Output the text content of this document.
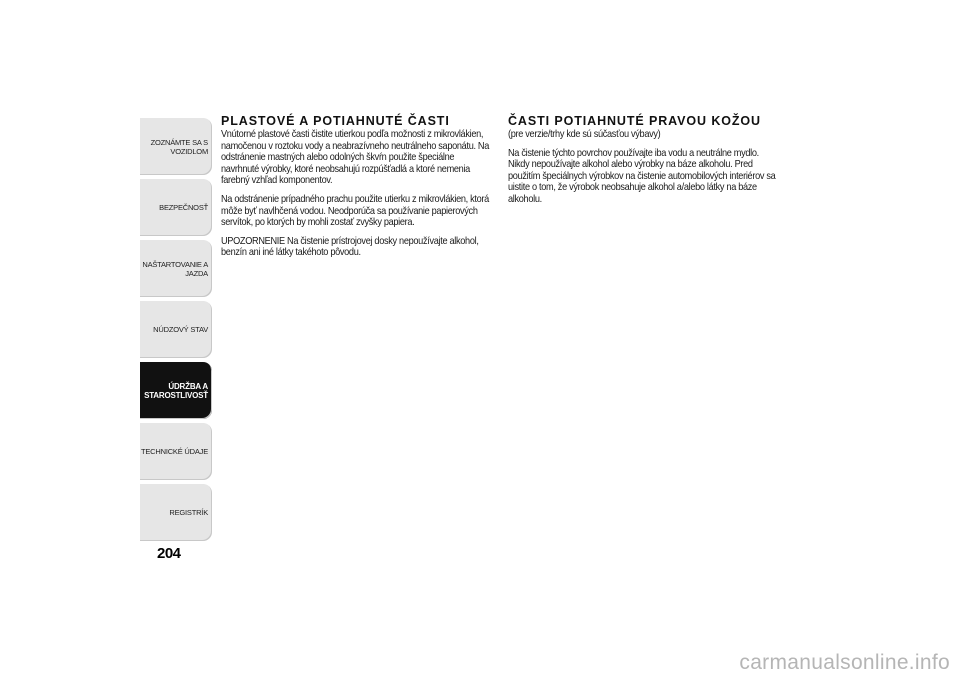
ZOZNÁMTE SA S
VOZIDLOM
BEZPEČNOSŤ
NAŠTARTOVANIE A
JAZDA
NÚDZOVÝ STAV
ÚDRŽBA A
STAROSTLIVOSŤ
TECHNICKÉ ÚDAJE
REGISTRÍK
204
PLASTOVÉ A POTIAHNUTÉ ČASTI

Vnútorné plastové časti čistite utierkou podľa možnosti z mikrovlákien, namočenou v roztoku vody a neabrazívneho neutrálneho saponátu. Na odstránenie mastných alebo odolných škvŕn použite špeciálne navrhnuté výrobky, ktoré neobsahujú rozpúšťadlá a ktoré nemenia farebný vzhľad komponentov.

Na odstránenie prípadného prachu použite utierku z mikrovlákien, ktorá môže byť navlhčená vodou. Neodporúča sa používanie papierových servítok, po ktorých by mohli zostať zvyšky papiera.

UPOZORNENIE Na čistenie prístrojovej dosky nepoužívajte alkohol, benzín ani iné látky takéhoto pôvodu.

ČASTI POTIAHNUTÉ PRAVOU KOŽOU
(pre verzie/trhy kde sú súčasťou výbavy)

Na čistenie týchto povrchov používajte iba vodu a neutrálne mydlo. Nikdy nepoužívajte alkohol alebo výrobky na báze alkoholu. Pred použitím špeciálnych výrobkov na čistenie automobilových interiérov sa uistite o tom, že výrobok neobsahuje alkohol a/alebo látky na báze alkoholu.

carmanualsonline.info
